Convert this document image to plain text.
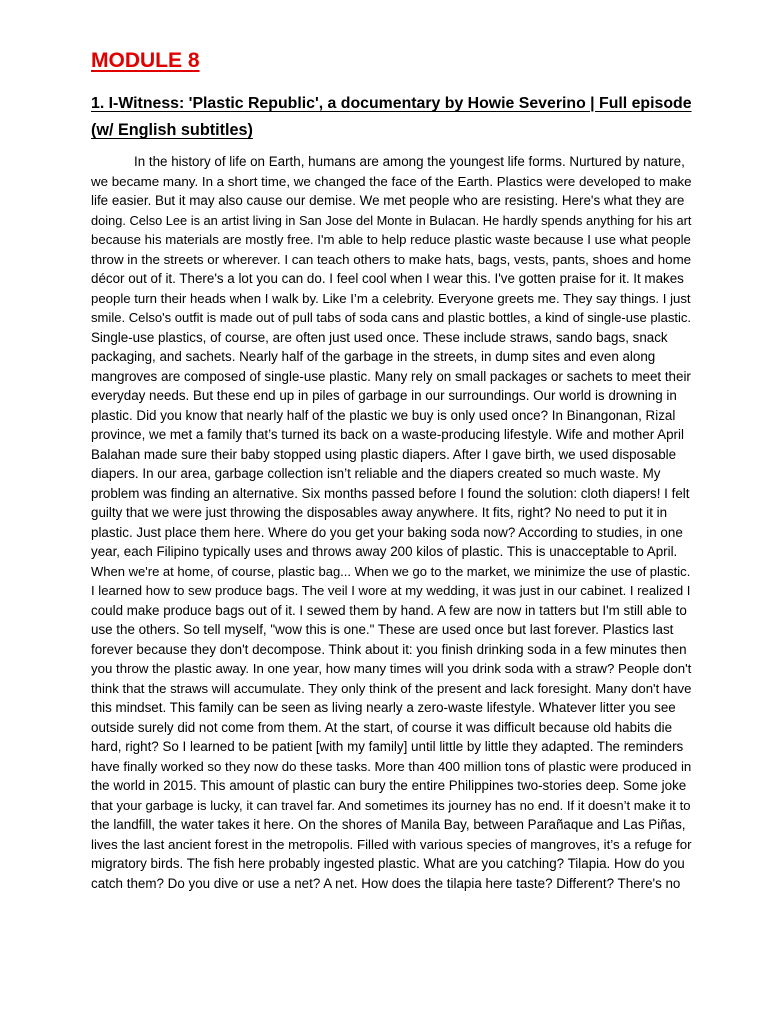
MODULE 8
1. I-Witness: 'Plastic Republic', a documentary by Howie Severino | Full episode
(w/ English subtitles)
In the history of life on Earth, humans are among the youngest life forms. Nurtured by nature,
we became many. In a short time, we changed the face of the Earth. Plastics were developed to make
life easier. But it may also cause our demise. We met people who are resisting. Here's what they are
doing. Celso Lee is an artist living in San Jose del Monte in Bulacan. He hardly spends anything for his art
because his materials are mostly free. I'm able to help reduce plastic waste because I use what people
throw in the streets or wherever. I can teach others to make hats, bags, vests, pants, shoes and home
décor out of it. There's a lot you can do. I feel cool when I wear this. I've gotten praise for it. It makes
people turn their heads when I walk by. Like I’m a celebrity. Everyone greets me. They say things. I just
smile. Celso's outfit is made out of pull tabs of soda cans and plastic bottles, a kind of single-use plastic.
Single-use plastics, of course, are often just used once. These include straws, sando bags, snack
packaging, and sachets. Nearly half of the garbage in the streets, in dump sites and even along
mangroves are composed of single-use plastic. Many rely on small packages or sachets to meet their
everyday needs. But these end up in piles of garbage in our surroundings. Our world is drowning in
plastic. Did you know that nearly half of the plastic we buy is only used once? In Binangonan, Rizal
province, we met a family that’s turned its back on a waste-producing lifestyle. Wife and mother April
Balahan made sure their baby stopped using plastic diapers. After I gave birth, we used disposable
diapers. In our area, garbage collection isn’t reliable and the diapers created so much waste. My
problem was finding an alternative. Six months passed before I found the solution: cloth diapers! I felt
guilty that we were just throwing the disposables away anywhere. It fits, right? No need to put it in
plastic. Just place them here. Where do you get your baking soda now? According to studies, in one
year, each Filipino typically uses and throws away 200 kilos of plastic. This is unacceptable to April.
When we're at home, of course, plastic bag... When we go to the market, we minimize the use of plastic.
I learned how to sew produce bags. The veil I wore at my wedding, it was just in our cabinet. I realized I
could make produce bags out of it. I sewed them by hand. A few are now in tatters but I'm still able to
use the others. So tell myself, "wow this is one." These are used once but last forever. Plastics last
forever because they don't decompose. Think about it: you finish drinking soda in a few minutes then
you throw the plastic away. In one year, how many times will you drink soda with a straw? People don't
think that the straws will accumulate. They only think of the present and lack foresight. Many don't have
this mindset. This family can be seen as living nearly a zero-waste lifestyle. Whatever litter you see
outside surely did not come from them. At the start, of course it was difficult because old habits die
hard, right? So I learned to be patient [with my family] until little by little they adapted. The reminders
have finally worked so they now do these tasks. More than 400 million tons of plastic were produced in
the world in 2015. This amount of plastic can bury the entire Philippines two-stories deep. Some joke
that your garbage is lucky, it can travel far. And sometimes its journey has no end. If it doesn’t make it to
the landfill, the water takes it here. On the shores of Manila Bay, between Parañaque and Las Piñas,
lives the last ancient forest in the metropolis. Filled with various species of mangroves, it’s a refuge for
migratory birds. The fish here probably ingested plastic. What are you catching? Tilapia. How do you
catch them? Do you dive or use a net? A net. How does the tilapia here taste? Different? There's no
